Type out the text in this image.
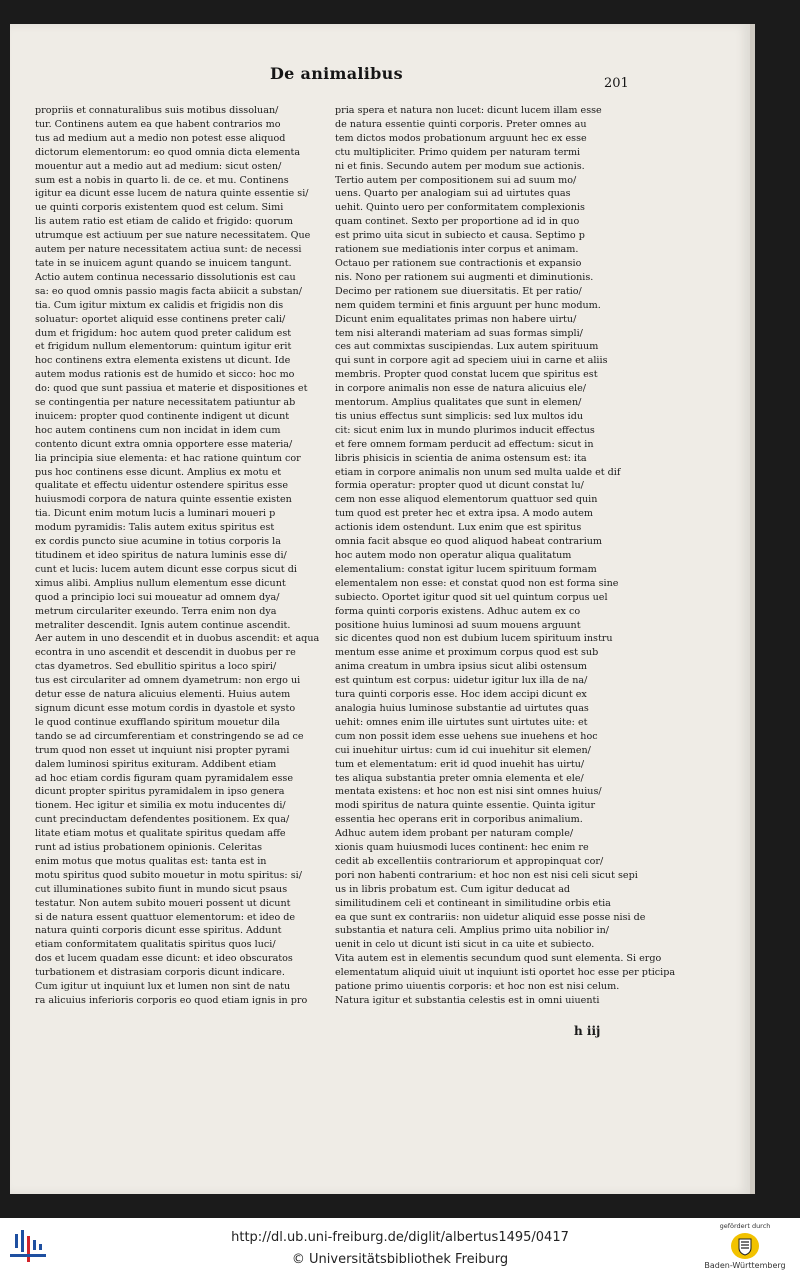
De animalibus
201
propriis et connaturalibus suis motibus dissoluan/
tur. Continens autem ea que habent contrarios mo
tus ad medium aut a medio non potest esse aliquod
dictorum elementorum: eo quod omnia dicta elementa
mouentur aut a medio aut ad medium: sicut osten/
sum est a nobis in quarto li. de ce. et mu. Continens
igitur ea dicunt esse lucem de natura quinte essentie si/
ue quinti corporis existentem quod est celum. Simi
lis autem ratio est etiam de calido et frigido: quorum
utrumque est actiuum per sue nature necessitatem. Que
autem per nature necessitatem actiua sunt: de necessi
tate in se inuicem agunt quando se inuicem tangunt.
Actio autem continua necessario dissolutionis est cau
sa: eo quod omnis passio magis facta abiicit a substan/
tia. Cum igitur mixtum ex calidis et frigidis non dis
soluatur: oportet aliquid esse continens preter cali/
dum et frigidum: hoc autem quod preter calidum est
et frigidum nullum elementorum: quintum igitur erit
hoc continens extra elementa existens ut dicunt. Ide
autem modus rationis est de humido et sicco: hoc mo
do: quod que sunt passiua et materie et dispositiones et
se contingentia per nature necessitatem patiuntur ab
inuicem: propter quod continente indigent ut dicunt
hoc autem continens cum non incidat in idem cum
contento dicunt extra omnia opportere esse materia/
lia principia siue elementa: et hac ratione quintum cor
pus hoc continens esse dicunt. Amplius ex motu et
qualitate et effectu uidentur ostendere spiritus esse
huiusmodi corpora de natura quinte essentie existen
tia. Dicunt enim motum lucis a luminari moueri p
modum pyramidis: Talis autem exitus spiritus est
ex cordis puncto siue acumine in totius corporis la
titudinem et ideo spiritus de natura luminis esse di/
cunt et lucis: lucem autem dicunt esse corpus sicut di
ximus alibi. Amplius nullum elementum esse dicunt
quod a principio loci sui moueatur ad omnem dya/
metrum circulariter exeundo. Terra enim non dya
metraliter descendit. Ignis autem continue ascendit.
Aer autem in uno descendit et in duobus ascendit: et aqua
econtra in uno ascendit et descendit in duobus per re
ctas dyametros. Sed ebullitio spiritus a loco spiri/
tus est circulariter ad omnem dyametrum: non ergo ui
detur esse de natura alicuius elementi. Huius autem
signum dicunt esse motum cordis in dyastole et systo
le quod continue exufflando spiritum mouetur dila
tando se ad circumferentiam et constringendo se ad ce
trum quod non esset ut inquiunt nisi propter pyrami
dalem luminosi spiritus exituram. Addibent etiam
ad hoc etiam cordis figuram quam pyramidalem esse
dicunt propter spiritus pyramidalem in ipso genera
tionem. Hec igitur et similia ex motu inducentes di/
cunt precinductam defendentes positionem. Ex qua/
litate etiam motus et qualitate spiritus quedam affe
runt ad istius probationem opinionis. Celeritas
enim motus que motus qualitas est: tanta est in
motu spiritus quod subito mouetur in motu spiritus: si/
cut illuminationes subito fiunt in mundo sicut psaus
testatur. Non autem subito moueri possent ut dicunt
si de natura essent quattuor elementorum: et ideo de
natura quinti corporis dicunt esse spiritus. Addunt
etiam conformitatem qualitatis spiritus quos luci/
dos et lucem quadam esse dicunt: et ideo obscuratos
turbationem et distrasiam corporis dicunt indicare.
Cum igitur ut inquiunt lux et lumen non sint de natu
ra alicuius inferioris corporis eo quod etiam ignis in pro
pria spera et natura non lucet: dicunt lucem illam esse
de natura essentie quinti corporis. Preter omnes au
tem dictos modos probationum arguunt hec ex esse
ctu multipliciter. Primo quidem per naturam termi
ni et finis. Secundo autem per modum sue actionis.
Tertio autem per compositionem sui ad suum mo/
uens. Quarto per analogiam sui ad uirtutes quas
uehit. Quinto uero per conformitatem complexionis
quam continet. Sexto per proportione ad id in quo
est primo uita sicut in subiecto et causa. Septimo p
rationem sue mediationis inter corpus et animam.
Octauo per rationem sue contractionis et expansio
nis. Nono per rationem sui augmenti et diminutionis.
Decimo per rationem sue diuersitatis. Et per ratio/
nem quidem termini et finis arguunt per hunc modum.
Dicunt enim equalitates primas non habere uirtu/
tem nisi alterandi materiam ad suas formas simpli/
ces aut commixtas suscipiendas. Lux autem spirituum
qui sunt in corpore agit ad speciem uiui in carne et aliis
membris. Propter quod constat lucem que spiritus est
in corpore animalis non esse de natura alicuius ele/
mentorum. Amplius qualitates que sunt in elemen/
tis unius effectus sunt simplicis: sed lux multos idu
cit: sicut enim lux in mundo plurimos inducit effectus
et fere omnem formam perducit ad effectum: sicut in
libris phisicis in scientia de anima ostensum est: ita
etiam in corpore animalis non unum sed multa ualde et dif
formia operatur: propter quod ut dicunt constat lu/
cem non esse aliquod elementorum quattuor sed quin
tum quod est preter hec et extra ipsa. A modo autem
actionis idem ostendunt. Lux enim que est spiritus
omnia facit absque eo quod aliquod habeat contrarium
hoc autem modo non operatur aliqua qualitatum
elementalium: constat igitur lucem spirituum formam
elementalem non esse: et constat quod non est forma sine
subiecto. Oportet igitur quod sit uel quintum corpus uel
forma quinti corporis existens. Adhuc autem ex co
positione huius luminosi ad suum mouens arguunt
sic dicentes quod non est dubium lucem spirituum instru
mentum esse anime et proximum corpus quod est sub
anima creatum in umbra ipsius sicut alibi ostensum
est quintum est corpus: uidetur igitur lux illa de na/
tura quinti corporis esse. Hoc idem accipi dicunt ex
analogia huius luminose substantie ad uirtutes quas
uehit: omnes enim ille uirtutes sunt uirtutes uite: et
cum non possit idem esse uehens sue inuehens et hoc
cui inuehitur uirtus: cum id cui inuehitur sit elemen/
tum et elementatum: erit id quod inuehit has uirtu/
tes aliqua substantia preter omnia elementa et ele/
mentata existens: et hoc non est nisi sint omnes huius/
modi spiritus de natura quinte essentie. Quinta igitur
essentia hec operans erit in corporibus animalium.
Adhuc autem idem probant per naturam comple/
xionis quam huiusmodi luces continent: hec enim re
cedit ab excellentiis contrariorum et appropinquat cor/
pori non habenti contrarium: et hoc non est nisi celi sicut sepi
us in libris probatum est. Cum igitur deducat ad
similitudinem celi et contineant in similitudine orbis etia
ea que sunt ex contrariis: non uidetur aliquid esse posse nisi de
substantia et natura celi. Amplius primo uita nobilior in/
uenit in celo ut dicunt isti sicut in ca uite et subiecto.
Vita autem est in elementis secundum quod sunt elementa. Si ergo
elementatum aliquid uiuit ut inquiunt isti oportet hoc esse per pticipa
patione primo uiuentis corporis: et hoc non est nisi celum.
Natura igitur et substantia celestis est in omni uiuenti
h iij
http://dl.ub.uni-freiburg.de/diglit/albertus1495/0417
© Universitätsbibliothek Freiburg
gefördert durch
Baden-Württemberg
